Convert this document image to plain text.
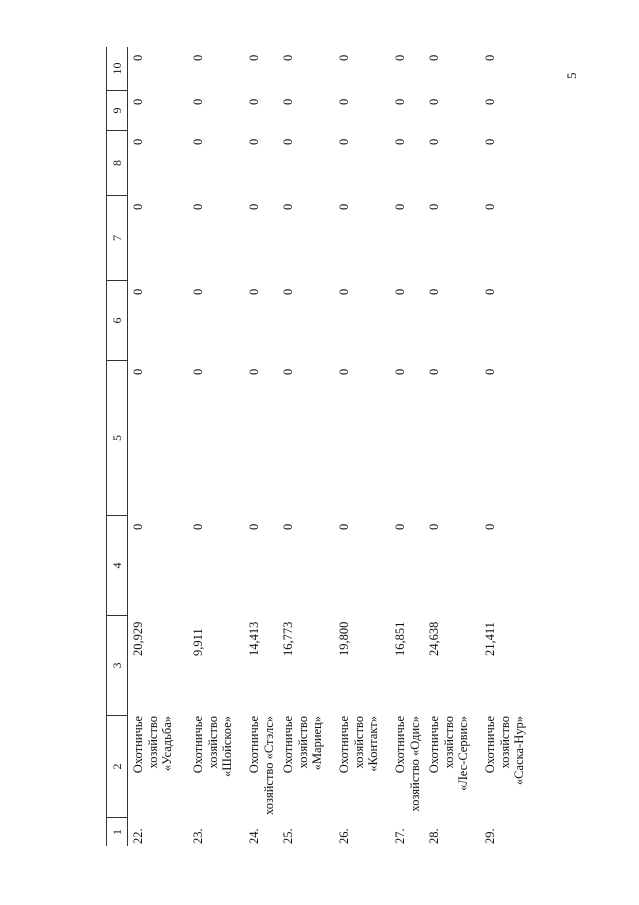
5
1
2
3
4
5
6
7
8
9
10
22.
Охотничье хозяйство «Усадьба»
20,929
0
0
0
0
0
0
0
23.
Охотничье хозяйство «Шойское»
9,911
0
0
0
0
0
0
0
24.
Охотничье хозяйство «Стэлс»
14,413
0
0
0
0
0
0
0
25.
Охотничье хозяйство «Мариец»
16,773
0
0
0
0
0
0
0
26.
Охотничье хозяйство «Контакт»
19,800
0
0
0
0
0
0
0
27.
Охотничье хозяйство «Одис»
16,851
0
0
0
0
0
0
0
28.
Охотничье хозяйство «Лес-Сервис»
24,638
0
0
0
0
0
0
0
29.
Охотничье хозяйство «Саска-Нур»
21,411
0
0
0
0
0
0
0
